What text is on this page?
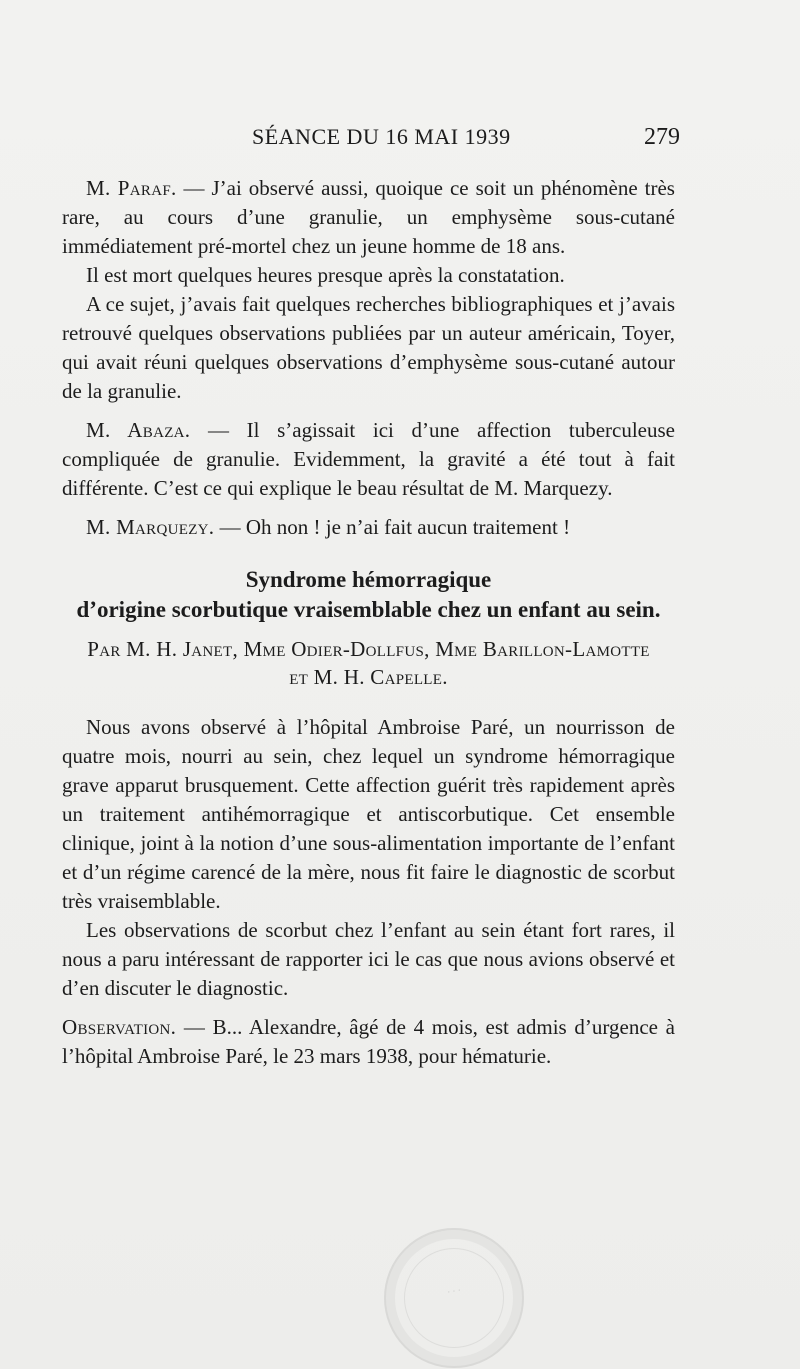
SÉANCE DU 16 MAI 1939	279

M. Paraf. — J’ai observé aussi, quoique ce soit un phénomène très rare, au cours d’une granulie, un emphysème sous-cutané immédiatement pré-mortel chez un jeune homme de 18 ans.

Il est mort quelques heures presque après la constatation.

A ce sujet, j’avais fait quelques recherches bibliographiques et j’avais retrouvé quelques observations publiées par un auteur américain, Toyer, qui avait réuni quelques observations d’emphysème sous-cutané autour de la granulie.

M. Abaza. — Il s’agissait ici d’une affection tuberculeuse compliquée de granulie. Evidemment, la gravité a été tout à fait différente. C’est ce qui explique le beau résultat de M. Marquezy.

M. Marquezy. — Oh non ! je n’ai fait aucun traitement !

Syndrome hémorragique
d’origine scorbutique vraisemblable chez un enfant au sein.
Par M. H. Janet, Mme Odier-Dollfus, Mme Barillon-Lamotte
et M. H. Capelle.

Nous avons observé à l’hôpital Ambroise Paré, un nourrisson de quatre mois, nourri au sein, chez lequel un syndrome hémorragique grave apparut brusquement. Cette affection guérit très rapidement après un traitement antihémorragique et antiscorbutique. Cet ensemble clinique, joint à la notion d’une sous-alimentation importante de l’enfant et d’un régime carencé de la mère, nous fit faire le diagnostic de scorbut très vraisemblable.

Les observations de scorbut chez l’enfant au sein étant fort rares, il nous a paru intéressant de rapporter ici le cas que nous avions observé et d’en discuter le diagnostic.

Observation. — B... Alexandre, âgé de 4 mois, est admis d’urgence à l’hôpital Ambroise Paré, le 23 mars 1938, pour hématurie.

· · ·
